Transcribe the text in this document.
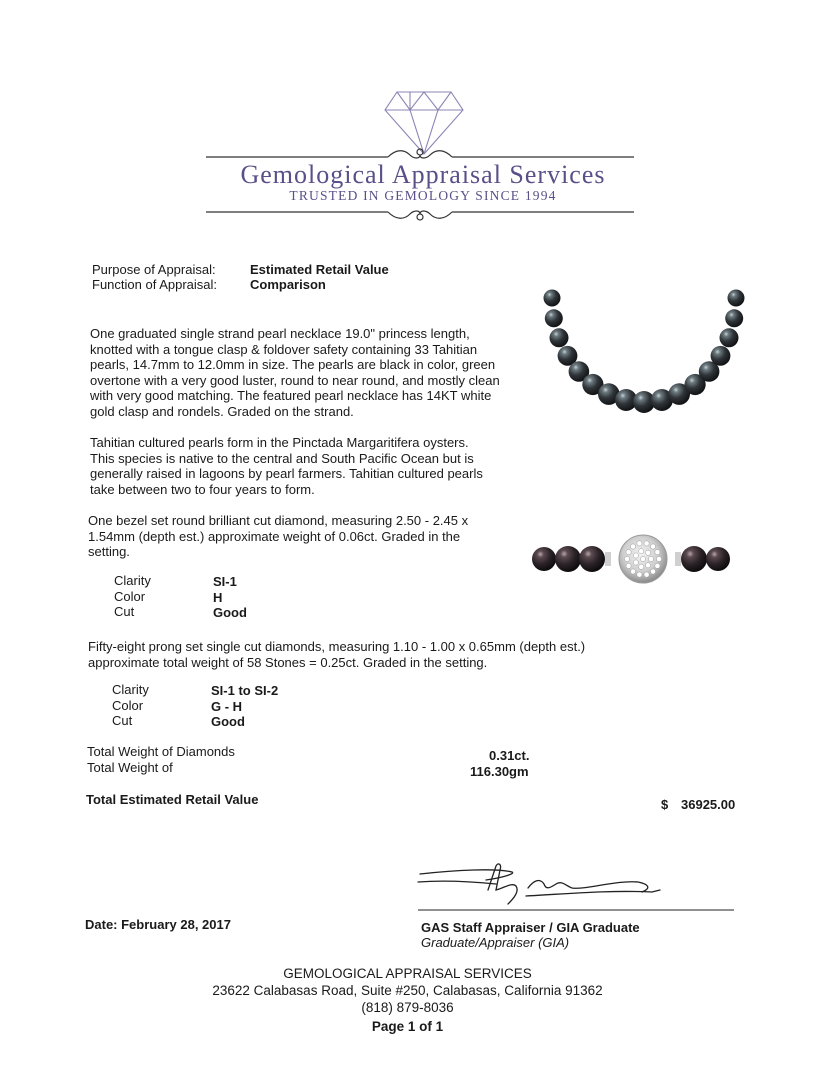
Gemological Appraisal Services
TRUSTED IN GEMOLOGY SINCE 1994
Purpose of Appraisal:	Estimated Retail Value
Function of Appraisal:	Comparison
One graduated single strand pearl necklace 19.0" princess length, knotted with a tongue clasp & foldover safety containing 33 Tahitian pearls, 14.7mm to 12.0mm in size. The pearls are black in color, green overtone with a very good luster, round to near round, and mostly clean with very good matching. The featured pearl necklace has 14KT white gold clasp and rondels. Graded on the strand.
Tahitian cultured pearls form in the Pinctada Margaritifera oysters. This species is native to the central and South Pacific Ocean but is generally raised in lagoons by pearl farmers. Tahitian cultured pearls take between two to four years to form.
One bezel set round brilliant cut diamond, measuring 2.50 - 2.45 x 1.54mm (depth est.) approximate weight of 0.06ct. Graded in the setting.
Clarity	SI-1
Color	H
Cut	Good
Fifty-eight prong set single cut diamonds, measuring 1.10 - 1.00 x 0.65mm (depth est.) approximate total weight of 58 Stones = 0.25ct. Graded in the setting.
Clarity	SI-1 to SI-2
Color	G - H
Cut	Good
Total Weight of Diamonds	0.31ct.
Total Weight of	116.30gm
Total Estimated Retail Value	$ 36925.00
Date: February 28, 2017	GAS Staff Appraiser / GIA Graduate
Graduate/Appraiser (GIA)
GEMOLOGICAL APPRAISAL SERVICES
23622 Calabasas Road, Suite #250, Calabasas, California 91362
(818) 879-8036
Page 1 of 1
